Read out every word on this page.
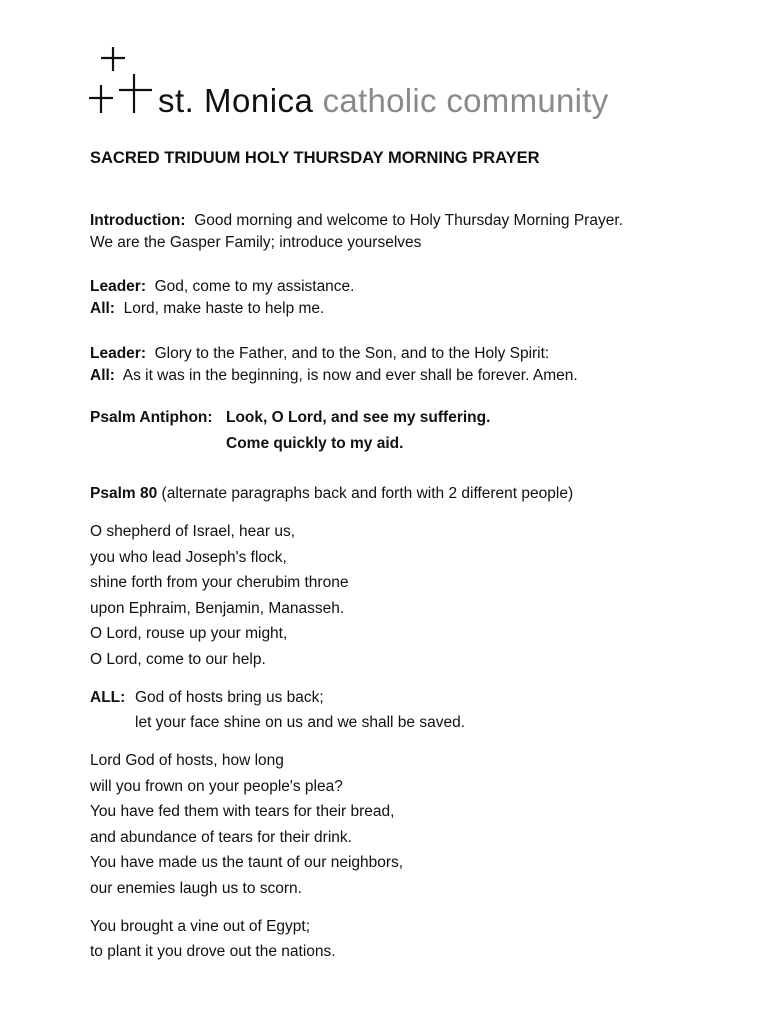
st. Monica catholic community
SACRED TRIDUUM HOLY THURSDAY MORNING PRAYER
Introduction: Good morning and welcome to Holy Thursday Morning Prayer.
We are the Gasper Family; introduce yourselves
Leader: God, come to my assistance.
All: Lord, make haste to help me.
Leader: Glory to the Father, and to the Son, and to the Holy Spirit:
All: As it was in the beginning, is now and ever shall be forever. Amen.
Psalm Antiphon: Look, O Lord, and see my suffering.
Come quickly to my aid.
Psalm 80 (alternate paragraphs back and forth with 2 different people)
O shepherd of Israel, hear us,
you who lead Joseph's flock,
shine forth from your cherubim throne
upon Ephraim, Benjamin, Manasseh.
O Lord, rouse up your might,
O Lord, come to our help.
ALL: God of hosts bring us back;
let your face shine on us and we shall be saved.
Lord God of hosts, how long
will you frown on your people's plea?
You have fed them with tears for their bread,
and abundance of tears for their drink.
You have made us the taunt of our neighbors,
our enemies laugh us to scorn.
You brought a vine out of Egypt;
to plant it you drove out the nations.
